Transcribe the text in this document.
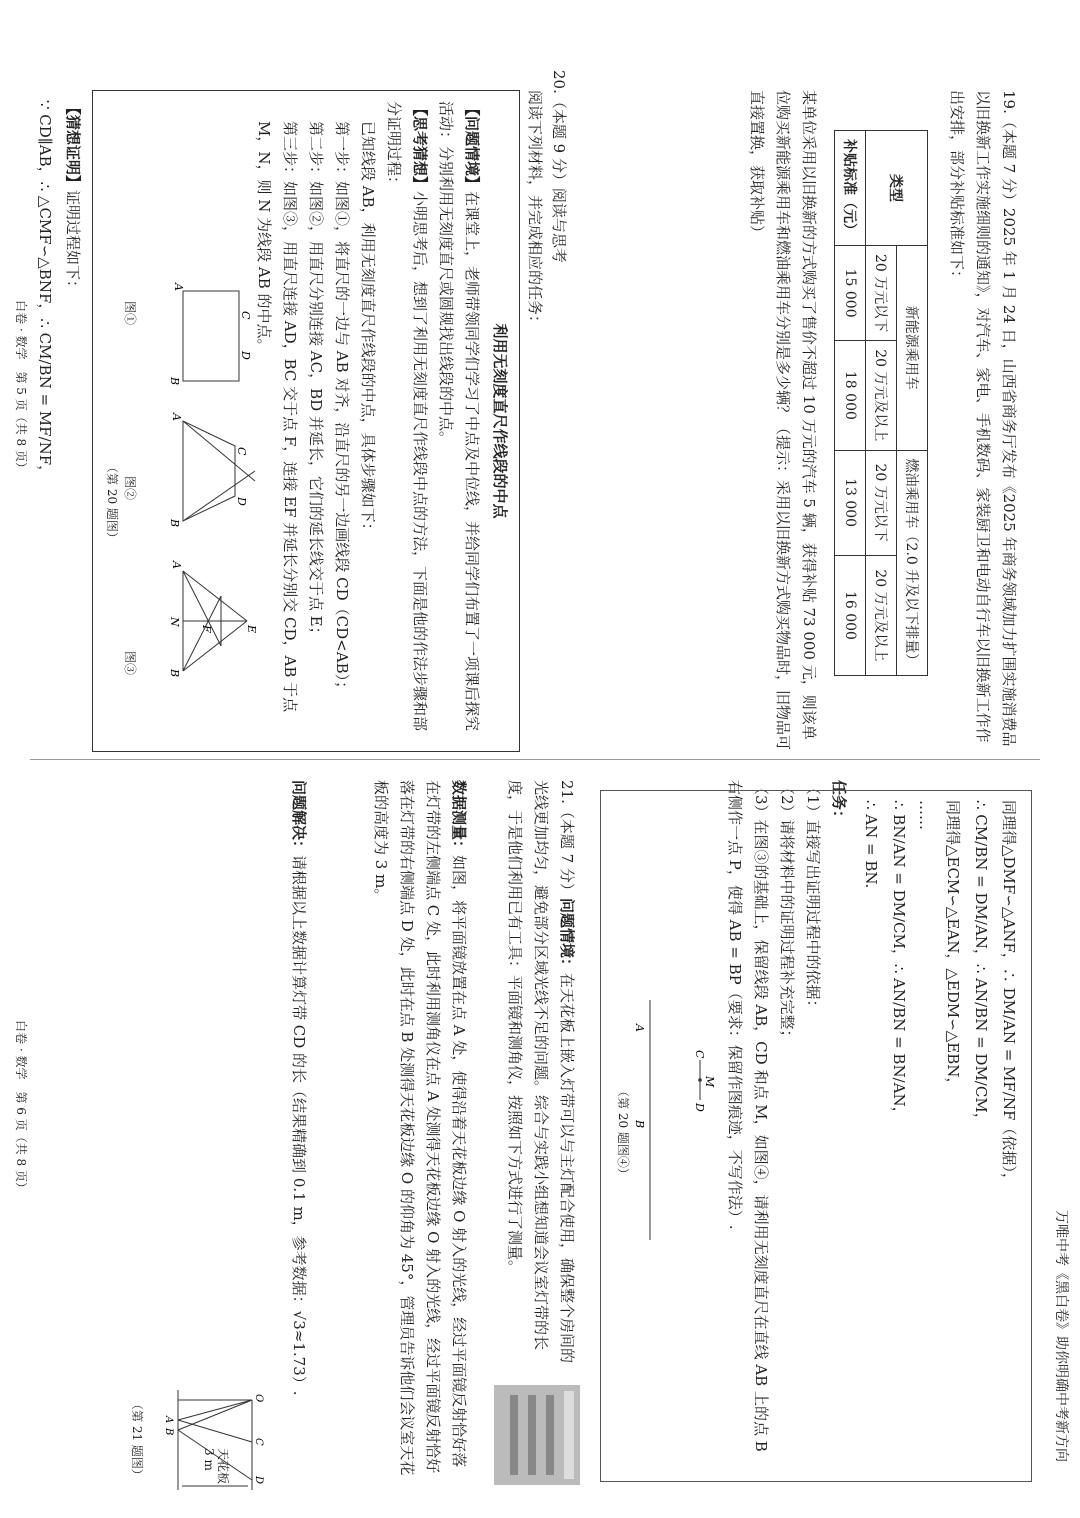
万唯中考《黑白卷》助你明确中考新方向
19.（本题 7 分）2025 年 1 月 24 日，山西省商务厅发布《2025 年商务领域加力扩围实施消费品以旧换新工作实施细则的通知》，对汽车、家电、手机数码、家装厨卫和电动自行车以旧换新工作作出安排，部分补贴标准如下：
类型	新能源乘用车		燃油乘用车（2.0 升及以下排量）	
	20 万元以下	20 万元及以上	20 万元以下	20 万元及以上
补贴标准（元）	15 000	18 000	13 000	16 000
某单位采用以旧换新的方式购买了售价不超过 10 万元的汽车 5 辆，获得补贴 73 000 元，则该单位购买新能源乘用车和燃油乘用车分别是多少辆？（提示：采用以旧换新方式购买物品时，旧物品可直接置换，获取补贴）
20.（本题 9 分）阅读与思考
阅读下列材料，并完成相应的任务：
利用无刻度直尺作线段的中点
【问题情境】在课堂上，老师带领同学们学习了中点及中位线，并给同学们布置了一项课后探究活动：分别利用无刻度直尺或圆规找出线段的中点。
【思考猜想】小明思考后，想到了利用无刻度直尺作线段中点的方法，下面是他的作法步骤和部分证明过程：
已知线段 AB，利用无刻度直尺作线段的中点，具体步骤如下：
第一步：如图①，将直尺的一边与 AB 对齐，沿直尺的另一边画线段 CD（CD<AB）；
第二步：如图②，用直尺分别连接 AC，BD 并延长，它们的延长线交于点 E；
第三步：如图③，用直尺连接 AD，BC 交于点 F，连接 EF 并延长分别交 CD，AB 于点 M，N，则 N 为线段 AB 的中点。
A
B
C
D
A
B
C
D
A
B
N
E
F
图①
图②
图③
（第 20 题图）
【猜想证明】证明过程如下：
∵ CD∥AB，∴ △CMF∽△BNF，∴ CM/BN = MF/NF，
白卷 · 数学　第 5 页（共 8 页）
同理得△DMF∽△ANF，∴ DM/AN = MF/NF（依据），
∴ CM/BN = DM/AN，∴ AN/BN = DM/CM，
同理得△ECM∽△EAN，△EDM∽△EBN，
……
∴ BN/AN = DM/CM，∴ AN/BN = BN/AN，
∴ AN = BN.
任务：
（1）直接写出证明过程中的依据：
（2）请将材料中的证明过程补充完整；
（3）在图③的基础上，保留线段 AB，CD 和点 M，如图④，请利用无刻度直尺在直线 AB 上的点 B 右侧作一点 P，使得 AB = BP（要求：保留作图痕迹，不写作法）.
C
D
M
A
B
（第 20 题图④）
21.（本题 7 分）问题情境：在天花板上嵌入灯带可以与主灯配合使用，确保整个房间的光线更加均匀，避免部分区域光线不足的问题。综合与实践小组想知道会议室灯带的长度，于是他们利用已有工具：平面镜和测角仪，按照如下方式进行了测量。
数据测量：如图，将平面镜放置在点 A 处，使得沿着天花板边缘 O 射入的光线，经过平面镜反射恰好落在灯带的左侧端点 C 处，此时利用测角仪在点 A 处测得天花板边缘 O 射入的光线，经过平面镜反射恰好落在灯带的右侧端点 D 处，此时在点 B 处测得天花板边缘 O 的仰角为 45°，管理员告诉他们会议室天花板的高度为 3 m。
问题解决：请根据以上数据计算灯带 CD 的长（结果精确到 0.1 m，参考数据：√3≈1.73）.
O
C
D
A
B
天花板
3 m
（第 21 题图）
白卷 · 数学　第 6 页（共 8 页）
